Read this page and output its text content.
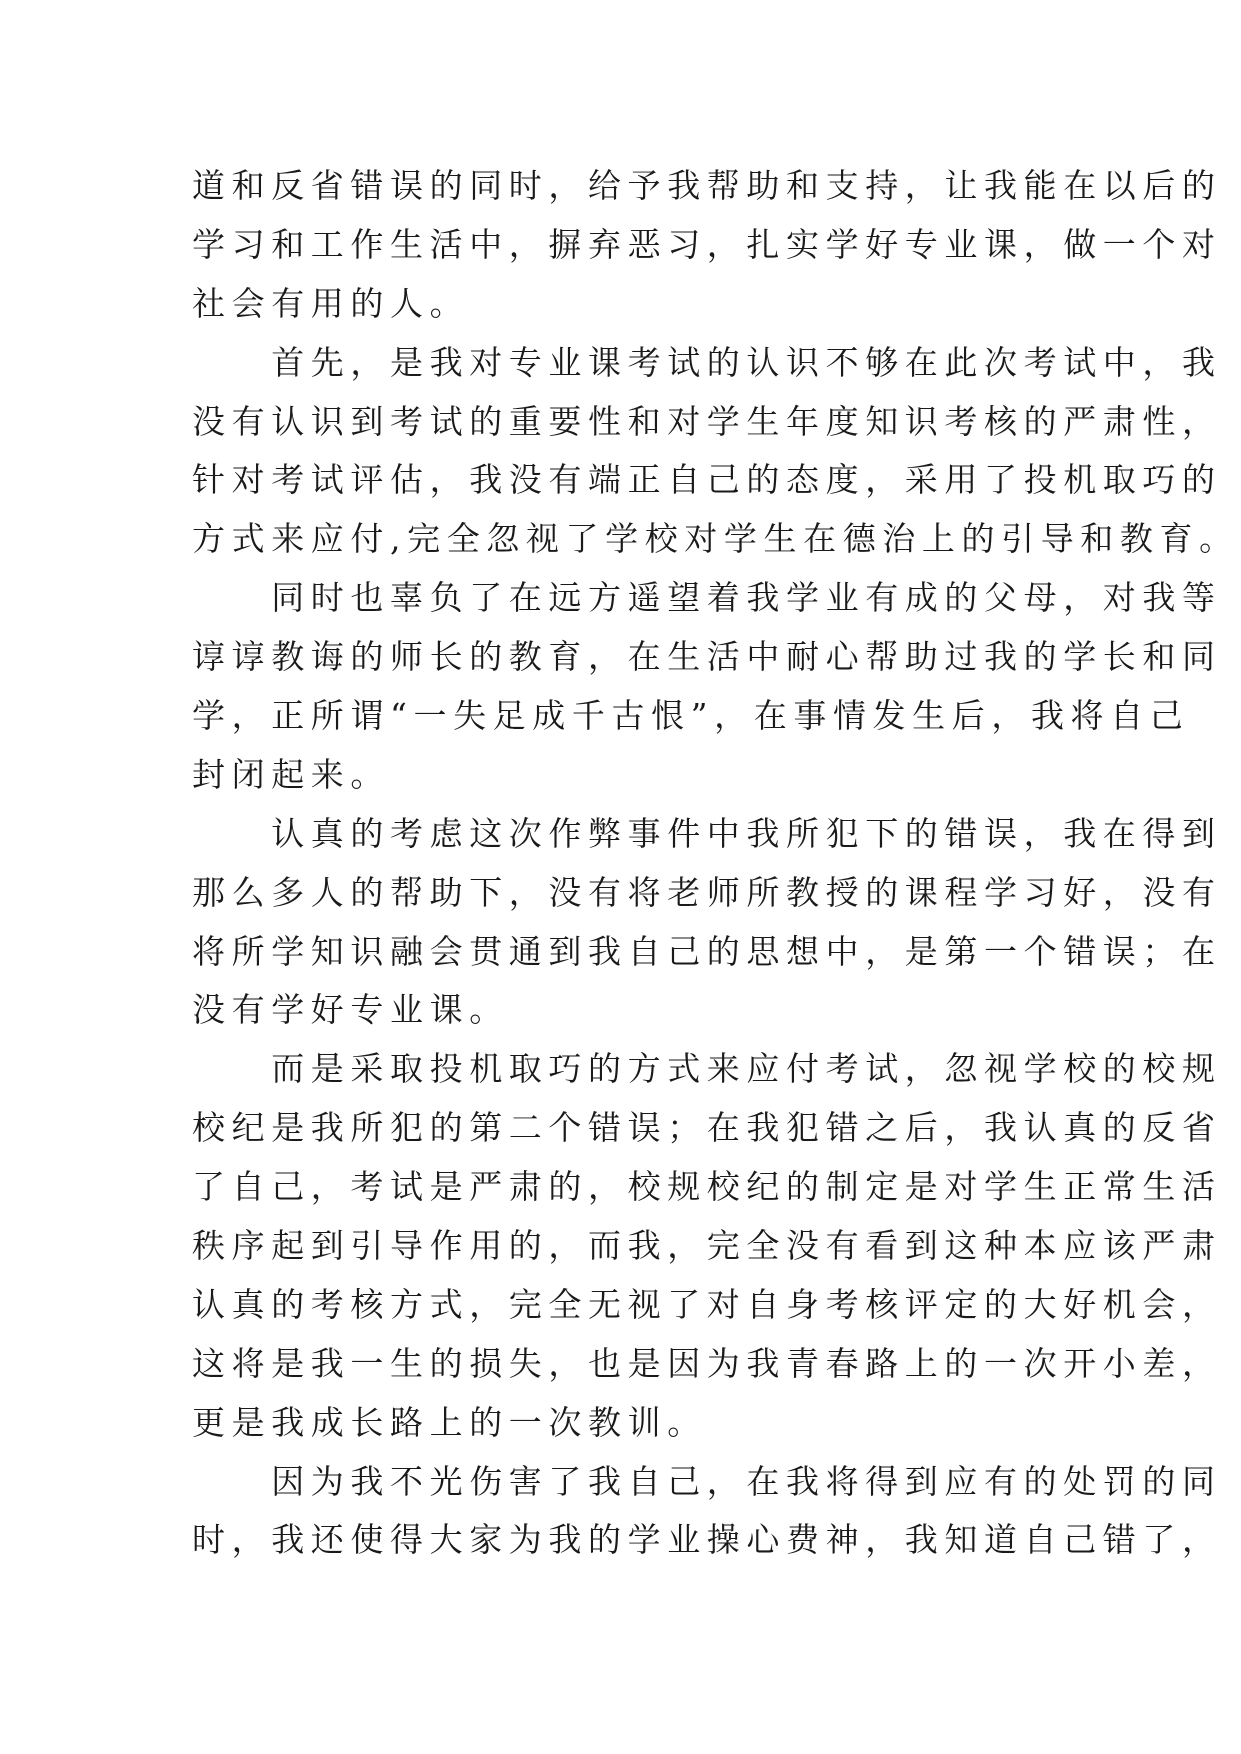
道和反省错误的同时，给予我帮助和支持，让我能在以后的
学习和工作生活中，摒弃恶习，扎实学好专业课，做一个对
社会有用的人。
　　首先，是我对专业课考试的认识不够在此次考试中，我
没有认识到考试的重要性和对学生年度知识考核的严肃性，
针对考试评估，我没有端正自己的态度，采用了投机取巧的
方式来应付,完全忽视了学校对学生在德治上的引导和教育。
　　同时也辜负了在远方遥望着我学业有成的父母，对我等
谆谆教诲的师长的教育，在生活中耐心帮助过我的学长和同
学，正所谓“一失足成千古恨”，在事情发生后，我将自己
封闭起来。
　　认真的考虑这次作弊事件中我所犯下的错误，我在得到
那么多人的帮助下，没有将老师所教授的课程学习好，没有
将所学知识融会贯通到我自己的思想中，是第一个错误；在
没有学好专业课。
　　而是采取投机取巧的方式来应付考试，忽视学校的校规
校纪是我所犯的第二个错误；在我犯错之后，我认真的反省
了自己，考试是严肃的，校规校纪的制定是对学生正常生活
秩序起到引导作用的，而我，完全没有看到这种本应该严肃
认真的考核方式，完全无视了对自身考核评定的大好机会，
这将是我一生的损失，也是因为我青春路上的一次开小差，
更是我成长路上的一次教训。
　　因为我不光伤害了我自己，在我将得到应有的处罚的同
时，我还使得大家为我的学业操心费神，我知道自己错了，
